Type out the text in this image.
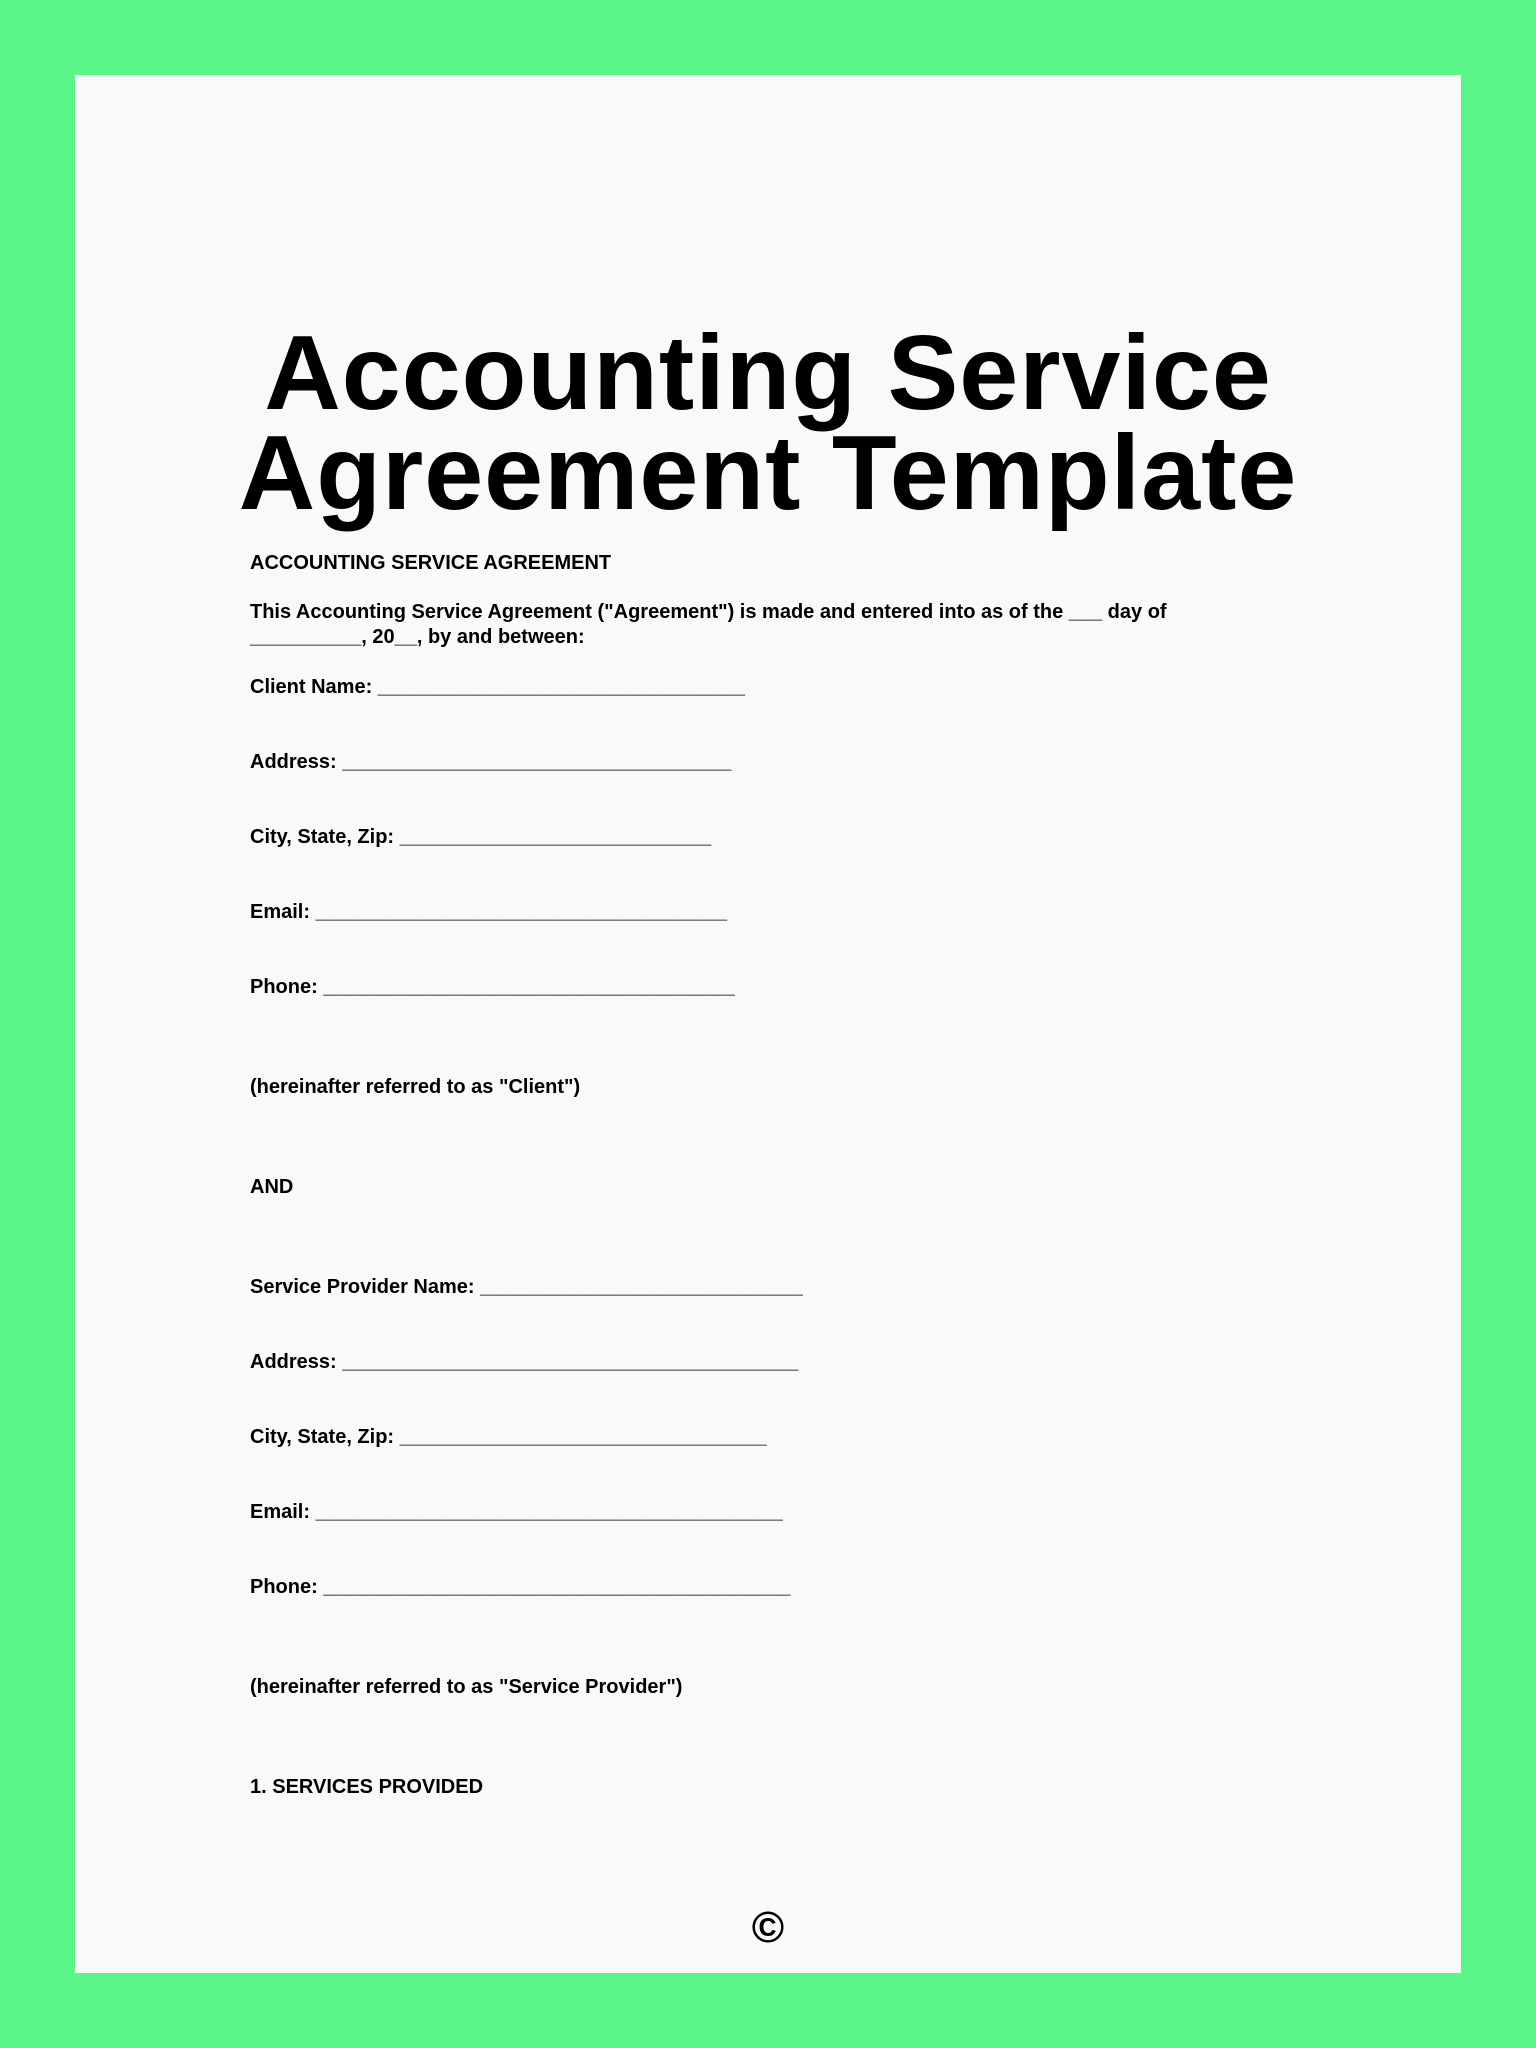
Accounting Service
Agreement Template

ACCOUNTING SERVICE AGREEMENT

This Accounting Service Agreement ("Agreement") is made and entered into as of the ___ day of

__________, 20__, by and between:

Client Name: _________________________________

Address: ___________________________________

City, State, Zip: ____________________________

Email: _____________________________________

Phone: _____________________________________

(hereinafter referred to as "Client")

AND

Service Provider Name: _____________________________

Address: _________________________________________

City, State, Zip: _________________________________

Email: __________________________________________

Phone: __________________________________________

(hereinafter referred to as "Service Provider")

1. SERVICES PROVIDED

©
